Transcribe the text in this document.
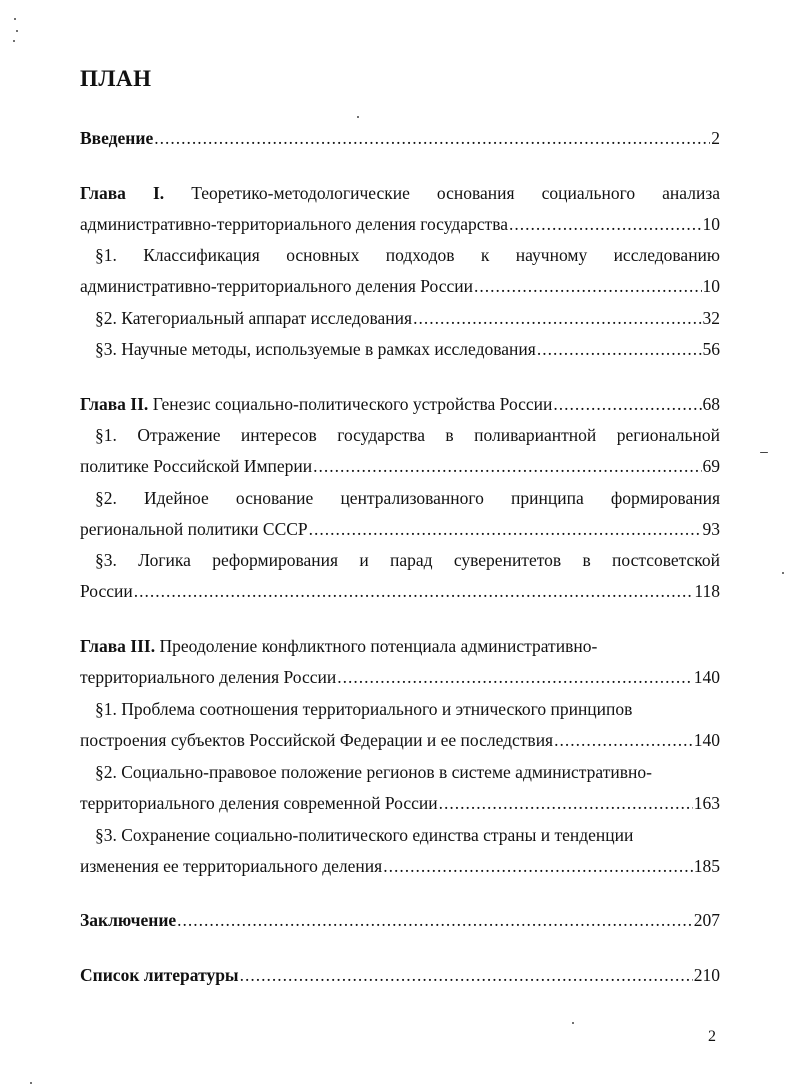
ПЛАН
Введение .....	2
Глава I. Теоретико-методологические основания социального анализа
административно-территориального деления государства .....	10
§1. Классификация основных подходов к научному исследованию
административно-территориального деления России .....	10
§2. Категориальный аппарат исследования .....	32
§3. Научные методы, используемые в рамках исследования .....	56
Глава II. Генезис социально-политического устройства России .....	68
§1. Отражение интересов государства в поливариантной региональной
политике Российской Империи .....	69
§2. Идейное основание централизованного принципа формирования
региональной политики СССР .....	93
§3. Логика реформирования и парад суверенитетов в постсоветской
России .....	118
Глава III. Преодоление конфликтного потенциала административно-
территориального деления России .....	140
§1. Проблема соотношения территориального и этнического принципов
построения субъектов Российской Федерации и ее последствия .....	140
§2. Социально-правовое положение регионов в системе административно-
территориального деления современной России .....	163
§3. Сохранение социально-политического единства страны и тенденции
изменения ее территориального деления .....	185
Заключение .....	207
Список литературы .....	210
2
